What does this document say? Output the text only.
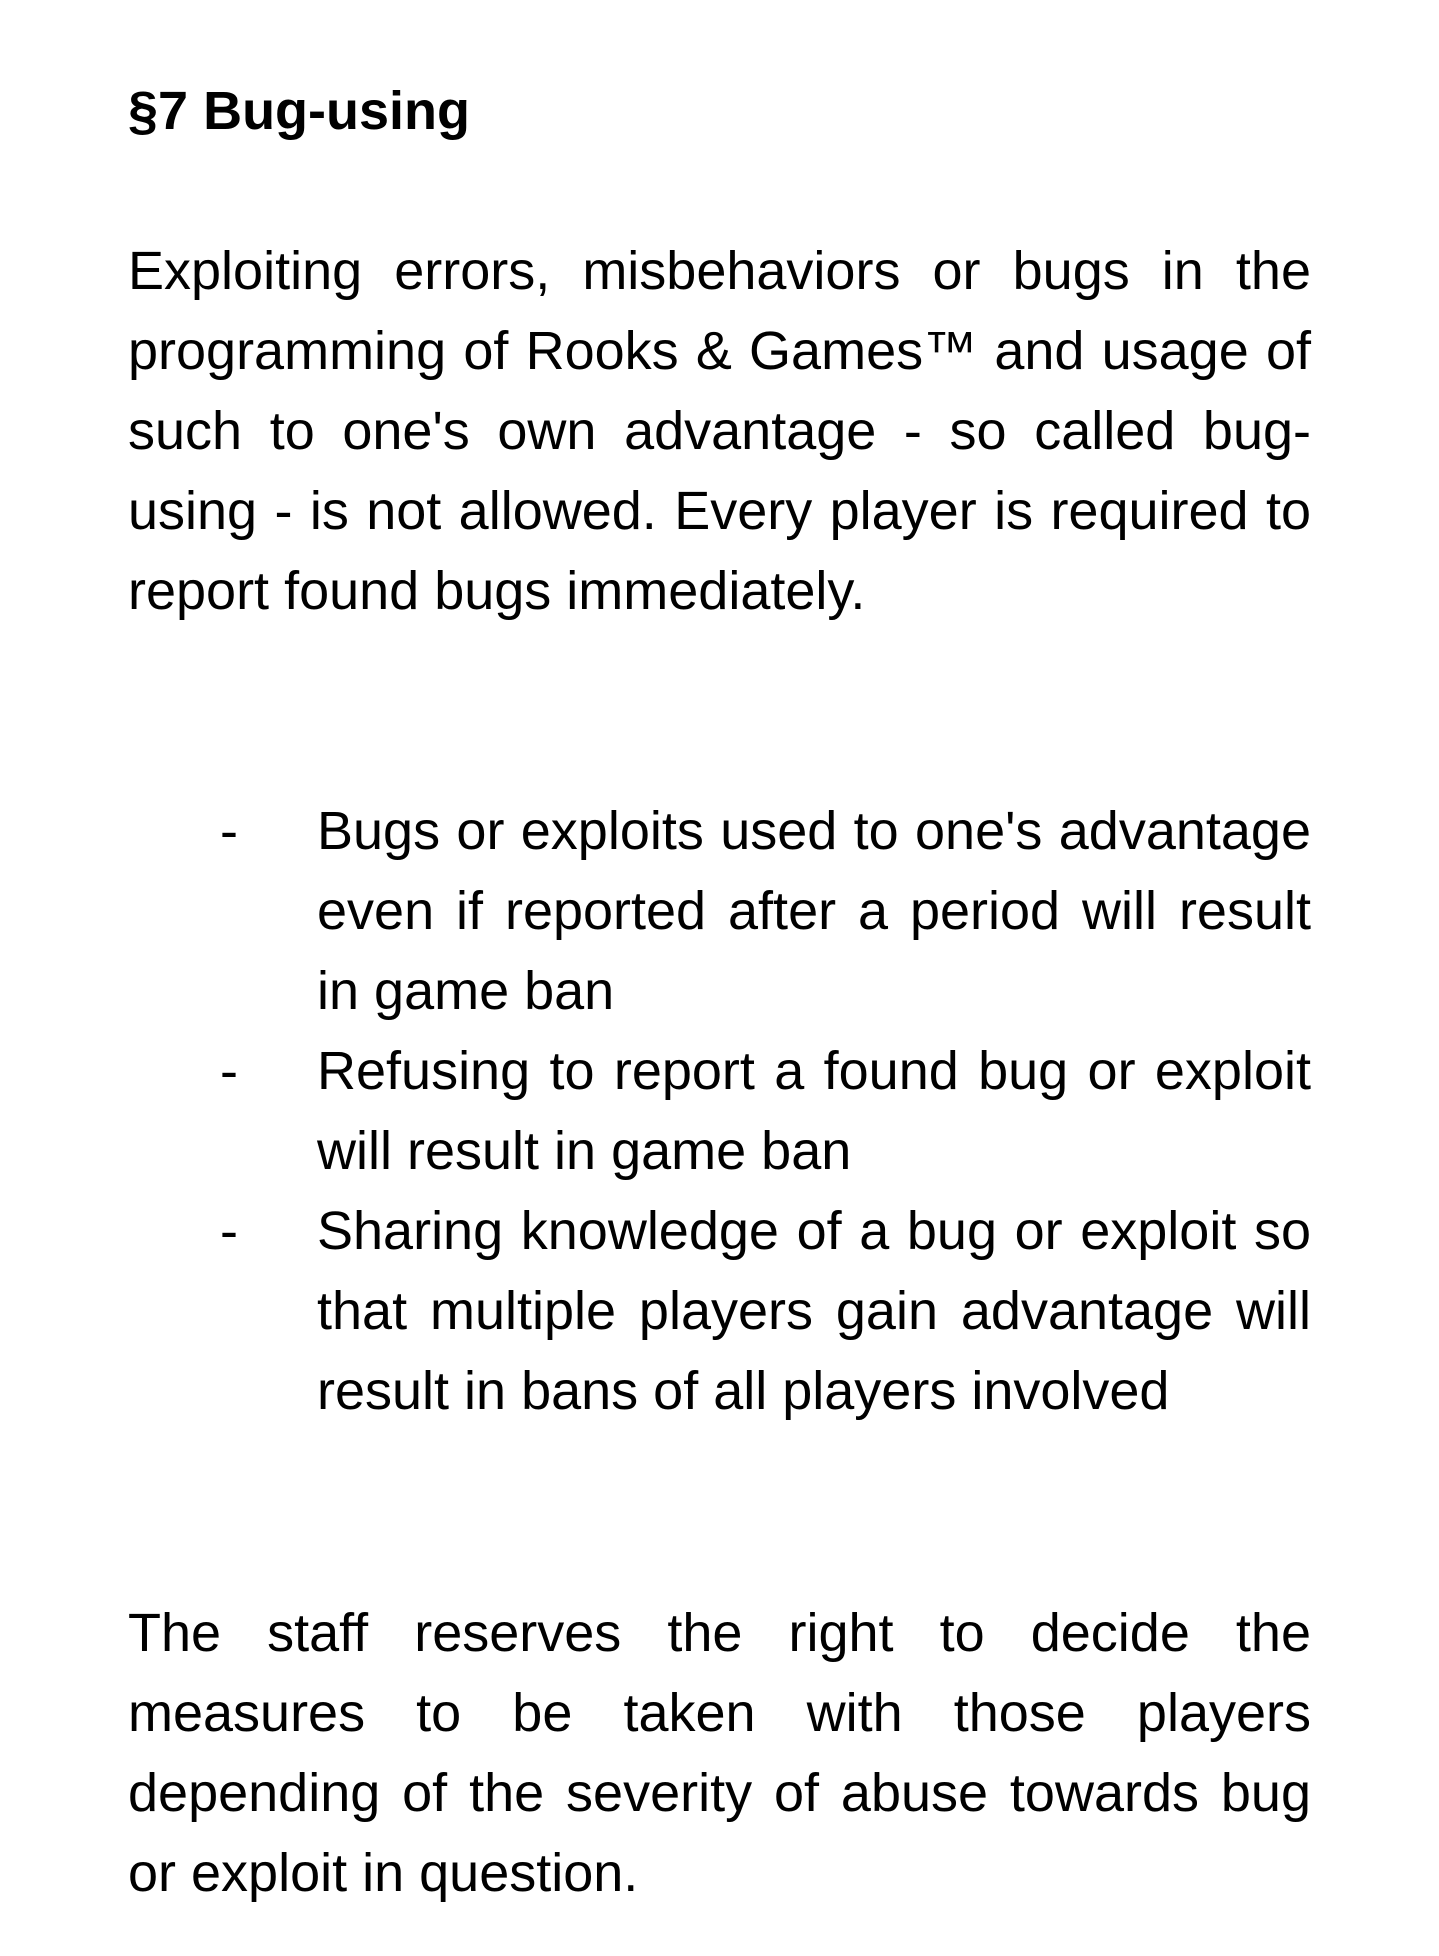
§7 Bug-using

Exploiting errors, misbehaviors or bugs in the programming of Rooks & Games™ and usage of such to one's own advantage - so called bug-using - is not allowed. Every player is required to report found bugs immediately.

- Bugs or exploits used to one's advantage even if reported after a period will result in game ban
- Refusing to report a found bug or exploit will result in game ban
- Sharing knowledge of a bug or exploit so that multiple players gain advantage will result in bans of all players involved

The staff reserves the right to decide the measures to be taken with those players depending of the severity of abuse towards bug or exploit in question.
